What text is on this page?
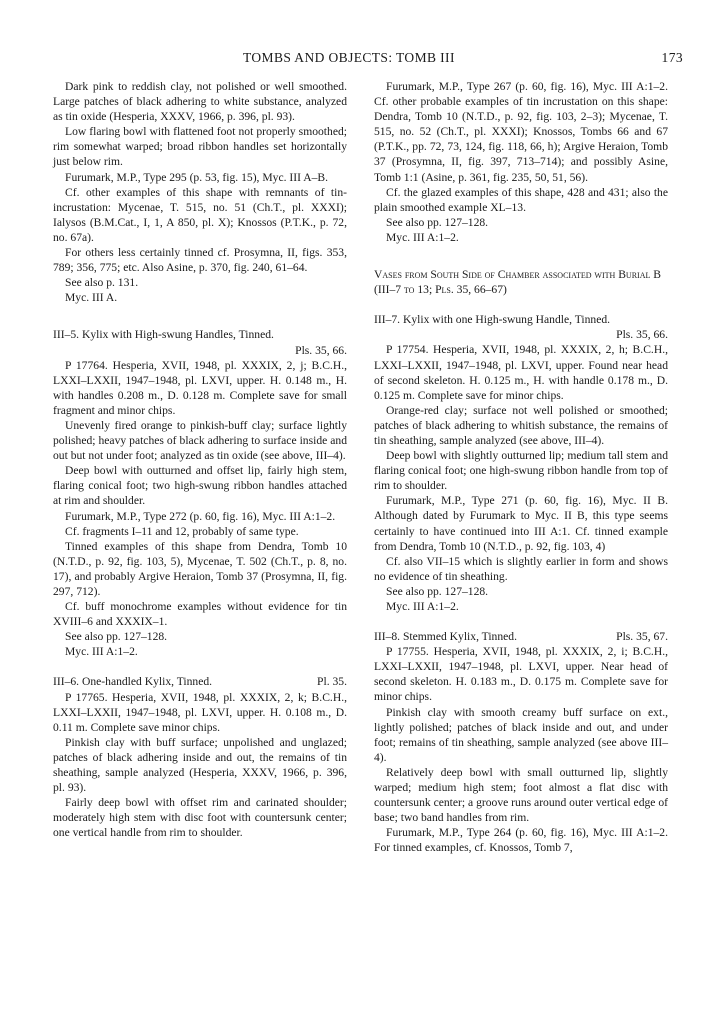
TOMBS AND OBJECTS: TOMB III	173

Dark pink to reddish clay, not polished or well smoothed. Large patches of black adhering to white substance, analyzed as tin oxide (Hesperia, XXXV, 1966, p. 396, pl. 93).

Low flaring bowl with flattened foot not properly smoothed; rim somewhat warped; broad ribbon handles set horizontally just below rim.

Furumark, M.P., Type 295 (p. 53, fig. 15), Myc. III A–B.

Cf. other examples of this shape with remnants of tin-incrustation: Mycenae, T. 515, no. 51 (Ch.T., pl. XXXI); Ialysos (B.M.Cat., I, 1, A 850, pl. X); Knossos (P.T.K., p. 72, no. 67a).

For others less certainly tinned cf. Prosymna, II, figs. 353, 789; 356, 775; etc. Also Asine, p. 370, fig. 240, 61–64.

See also p. 131.

Myc. III A.

III–5. Kylix with High-swung Handles, Tinned.

Pls. 35, 66.

P 17764. Hesperia, XVII, 1948, pl. XXXIX, 2, j; B.C.H., LXXI–LXXII, 1947–1948, pl. LXVI, upper. H. 0.148 m., H. with handles 0.208 m., D. 0.128 m. Complete save for small fragment and minor chips.

Unevenly fired orange to pinkish-buff clay; surface lightly polished; heavy patches of black adhering to surface inside and out but not under foot; analyzed as tin oxide (see above, III–4).

Deep bowl with outturned and offset lip, fairly high stem, flaring conical foot; two high-swung ribbon handles attached at rim and shoulder.

Furumark, M.P., Type 272 (p. 60, fig. 16), Myc. III A:1–2.

Cf. fragments I–11 and 12, probably of same type.

Tinned examples of this shape from Dendra, Tomb 10 (N.T.D., p. 92, fig. 103, 5), Mycenae, T. 502 (Ch.T., p. 8, no. 17), and probably Argive Heraion, Tomb 37 (Prosymna, II, fig. 297, 712).

Cf. buff monochrome examples without evidence for tin XVIII–6 and XXXIX–1.

See also pp. 127–128.

Myc. III A:1–2.

III–6. One-handled Kylix, Tinned.	Pl. 35.

P 17765. Hesperia, XVII, 1948, pl. XXXIX, 2, k; B.C.H., LXXI–LXXII, 1947–1948, pl. LXVI, upper. H. 0.108 m., D. 0.11 m. Complete save minor chips.

Pinkish clay with buff surface; unpolished and unglazed; patches of black adhering inside and out, the remains of tin sheathing, sample analyzed (Hesperia, XXXV, 1966, p. 396, pl. 93).

Fairly deep bowl with offset rim and carinated shoulder; moderately high stem with disc foot with countersunk center; one vertical handle from rim to shoulder.

Furumark, M.P., Type 267 (p. 60, fig. 16), Myc. III A:1–2. Cf. other probable examples of tin incrustation on this shape: Dendra, Tomb 10 (N.T.D., p. 92, fig. 103, 2–3); Mycenae, T. 515, no. 52 (Ch.T., pl. XXXI); Knossos, Tombs 66 and 67 (P.T.K., pp. 72, 73, 124, fig. 118, 66, h); Argive Heraion, Tomb 37 (Prosymna, II, fig. 397, 713–714); and possibly Asine, Tomb 1:1 (Asine, p. 361, fig. 235, 50, 51, 56).

Cf. the glazed examples of this shape, 428 and 431; also the plain smoothed example XL–13.

See also pp. 127–128.

Myc. III A:1–2.

Vases from South Side of Chamber associated with Burial B (III–7 to 13; Pls. 35, 66–67)

III–7. Kylix with one High-swung Handle, Tinned.

Pls. 35, 66.

P 17754. Hesperia, XVII, 1948, pl. XXXIX, 2, h; B.C.H., LXXI–LXXII, 1947–1948, pl. LXVI, upper. Found near head of second skeleton. H. 0.125 m., H. with handle 0.178 m., D. 0.125 m. Complete save for minor chips.

Orange-red clay; surface not well polished or smoothed; patches of black adhering to whitish substance, the remains of tin sheathing, sample analyzed (see above, III–4).

Deep bowl with slightly outturned lip; medium tall stem and flaring conical foot; one high-swung ribbon handle from top of rim to shoulder.

Furumark, M.P., Type 271 (p. 60, fig. 16), Myc. II B. Although dated by Furumark to Myc. II B, this type seems certainly to have continued into III A:1. Cf. tinned example from Dendra, Tomb 10 (N.T.D., p. 92, fig. 103, 4)

Cf. also VII–15 which is slightly earlier in form and shows no evidence of tin sheathing.

See also pp. 127–128.

Myc. III A:1–2.

III–8. Stemmed Kylix, Tinned.	Pls. 35, 67.

P 17755. Hesperia, XVII, 1948, pl. XXXIX, 2, i; B.C.H., LXXI–LXXII, 1947–1948, pl. LXVI, upper. Near head of second skeleton. H. 0.183 m., D. 0.175 m. Complete save for minor chips.

Pinkish clay with smooth creamy buff surface on ext., lightly polished; patches of black inside and out, and under foot; remains of tin sheathing, sample analyzed (see above III–4).

Relatively deep bowl with small outturned lip, slightly warped; medium high stem; foot almost a flat disc with countersunk center; a groove runs around outer vertical edge of base; two band handles from rim.

Furumark, M.P., Type 264 (p. 60, fig. 16), Myc. III A:1–2. For tinned examples, cf. Knossos, Tomb 7,
